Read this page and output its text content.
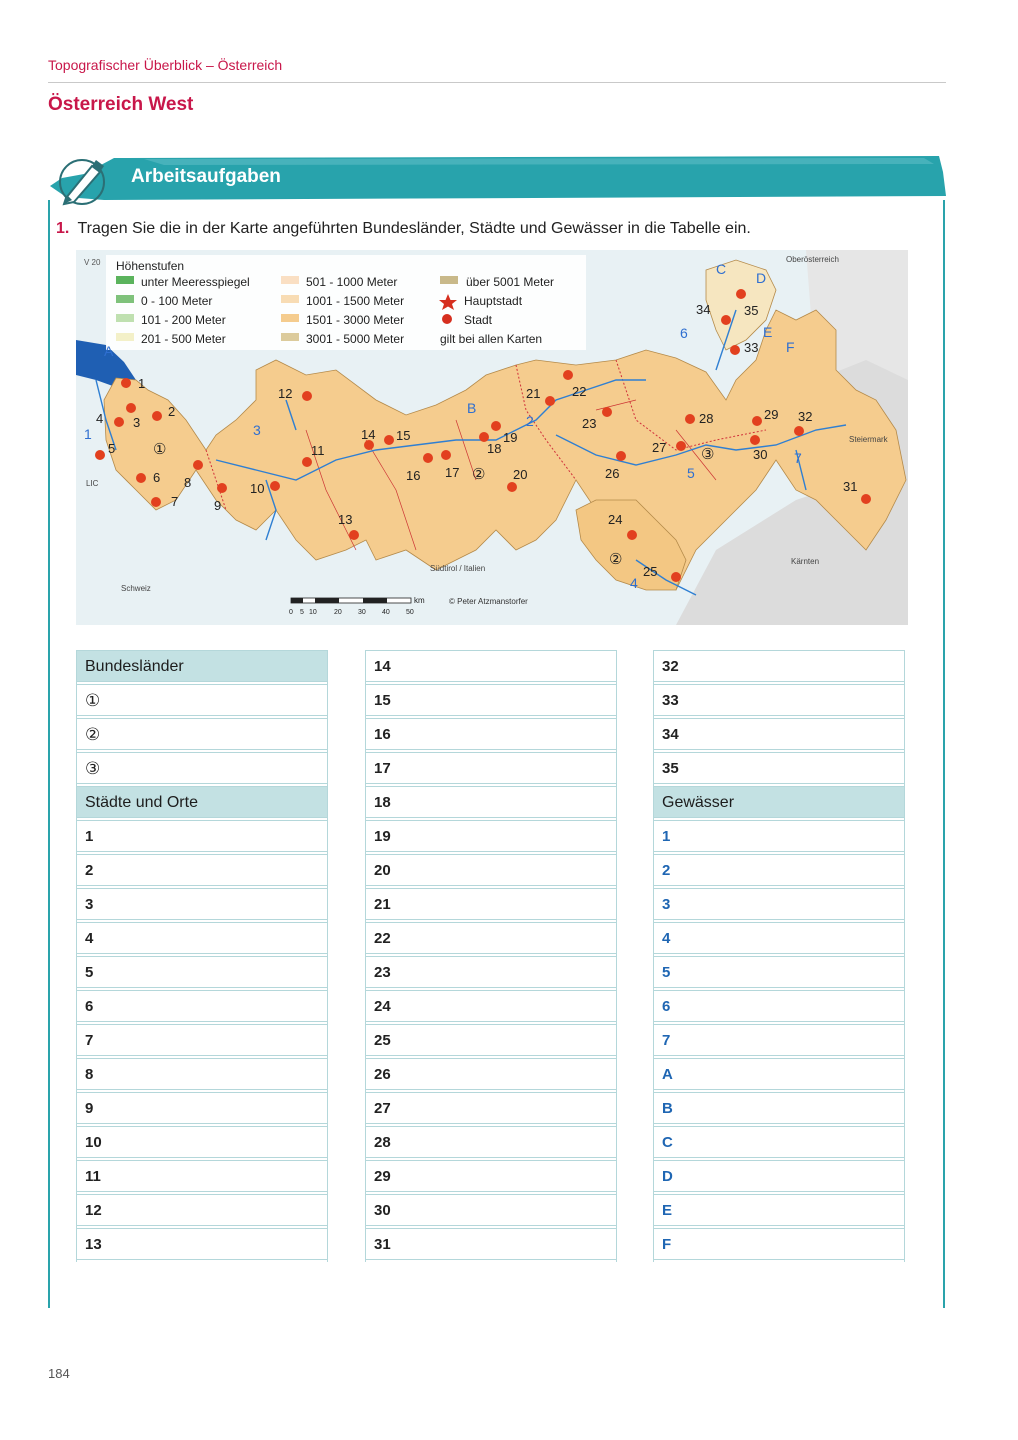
Topografischer Überblick – Österreich
Österreich West
Arbeitsaufgaben
1. Tragen Sie die in der Karte angeführten Bundesländer, Städte und Gewässer in die Tabelle ein.
V 20 Höhenstufen
unter Meeresspiegel
0 - 100 Meter
101 - 200 Meter
201 - 500 Meter
501 - 1000 Meter
1001 - 1500 Meter
1501 - 3000 Meter
3001 - 5000 Meter
über 5001 Meter
Hauptstadt
Stadt
gilt bei allen Karten
Oberösterreich
Steiermark
Kärnten
Südtirol / Italien
Schweiz
LIC
km
0 5 10 20 30 40 50
© Peter Atzmanstorfer
1
2
3
4
5
6
7
8
9
10
11
12
13
14 15
16 17
18
19
20
21 22
23
24
25
26
27
28	29
30
31
32
33
34	35
①
②
②
③
1
2
3
4
5
6
7
A
B
C
D
E
F
Bundesländer
①
②
③
Städte und Orte
1
2
3
4
5
6
7
8
9
10
11
12
13
14
15
16
17
18
19
20
21
22
23
24
25
26
27
28
29
30
31
32
33
34
35
Gewässer
1
2
3
4
5
6
7
A
B
C
D
E
F
184
